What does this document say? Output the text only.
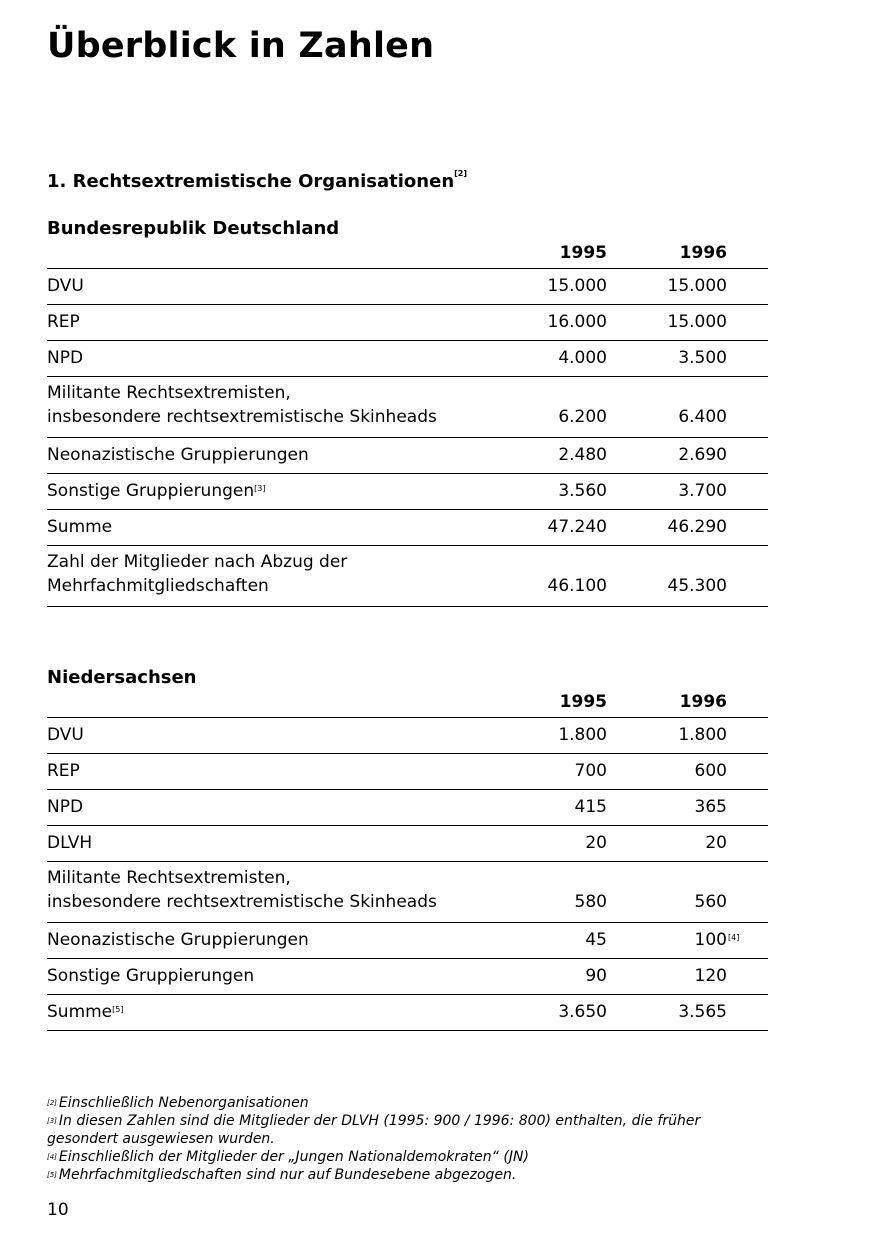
Überblick in Zahlen
1. Rechtsextremistische Organisationen[2]
Bundesrepublik Deutschland
1995	1996
DVU	15.000	15.000
REP	16.000	15.000
NPD	4.000	3.500
Militante Rechtsextremisten,
insbesondere rechtsextremistische Skinheads	6.200	6.400
Neonazistische Gruppierungen	2.480	2.690
Sonstige Gruppierungen[3]	3.560	3.700
Summe	47.240	46.290
Zahl der Mitglieder nach Abzug der
Mehrfachmitgliedschaften	46.100	45.300
Niedersachsen
1995	1996
DVU	1.800	1.800
REP	700	600
NPD	415	365
DLVH	20	20
Militante Rechtsextremisten,
insbesondere rechtsextremistische Skinheads	580	560
Neonazistische Gruppierungen	45	100 [4]
Sonstige Gruppierungen	90	120
Summe[5]	3.650	3.565
[2] Einschließlich Nebenorganisationen
[3] In diesen Zahlen sind die Mitglieder der DLVH (1995: 900 / 1996: 800) enthalten, die früher gesondert ausgewiesen wurden.
[4] Einschließlich der Mitglieder der „Jungen Nationaldemokraten“ (JN)
[5] Mehrfachmitgliedschaften sind nur auf Bundesebene abgezogen.
10
